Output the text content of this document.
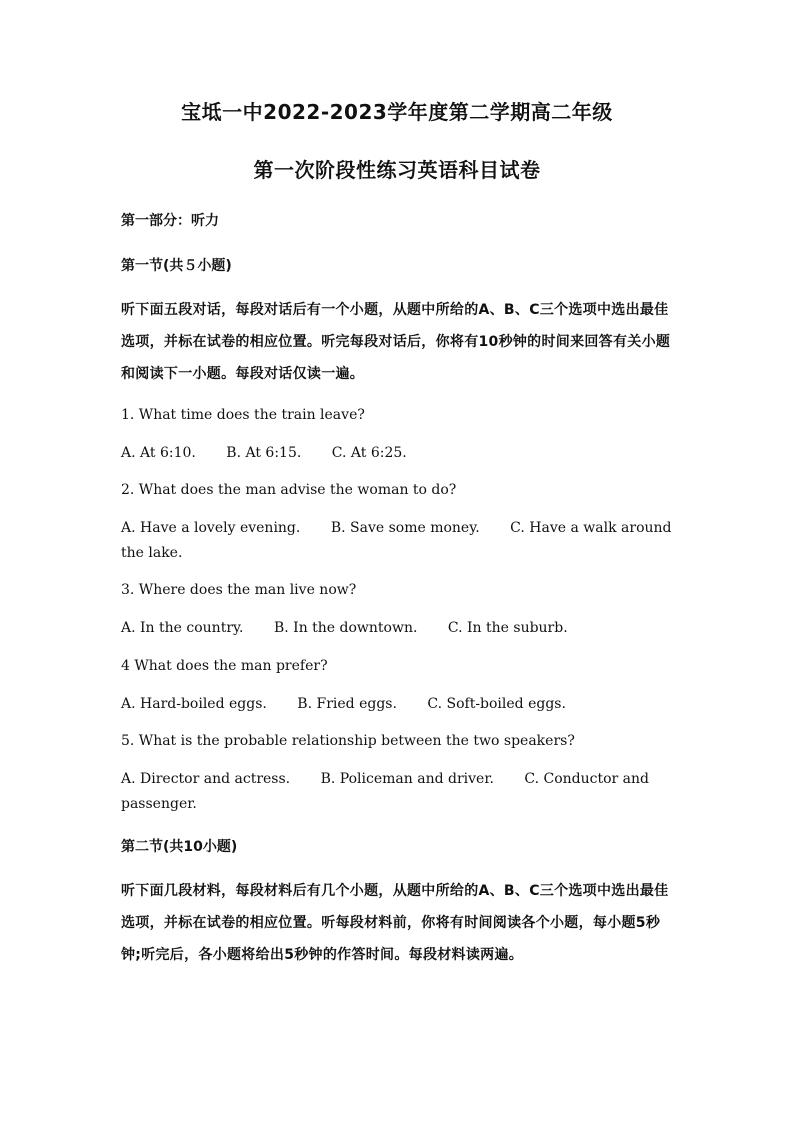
宝坻一中2022-2023学年度第二学期高二年级
第一次阶段性练习英语科目试卷
第一部分：听力
第一节(共５小题)
听下面五段对话，每段对话后有一个小题，从题中所给的A、B、C三个选项中选出最佳选项，并标在试卷的相应位置。听完每段对话后，你将有10秒钟的时间来回答有关小题和阅读下一小题。每段对话仅读一遍。
1. What time does the train leave?
A. At 6:10. B. At 6:15. C. At 6:25.
2. What does the man advise the woman to do?
A. Have a lovely evening. B. Save some money. C. Have a walk around the lake.
3. Where does the man live now?
A. In the country. B. In the downtown. C. In the suburb.
4 What does the man prefer?
A. Hard-boiled eggs. B. Fried eggs. C. Soft-boiled eggs.
5. What is the probable relationship between the two speakers?
A. Director and actress. B. Policeman and driver. C. Conductor and passenger.
第二节(共10小题)
听下面几段材料，每段材料后有几个小题，从题中所给的A、B、C三个选项中选出最佳选项，并标在试卷的相应位置。听每段材料前，你将有时间阅读各个小题，每小题5秒钟;听完后，各小题将给出5秒钟的作答时间。每段材料读两遍。
